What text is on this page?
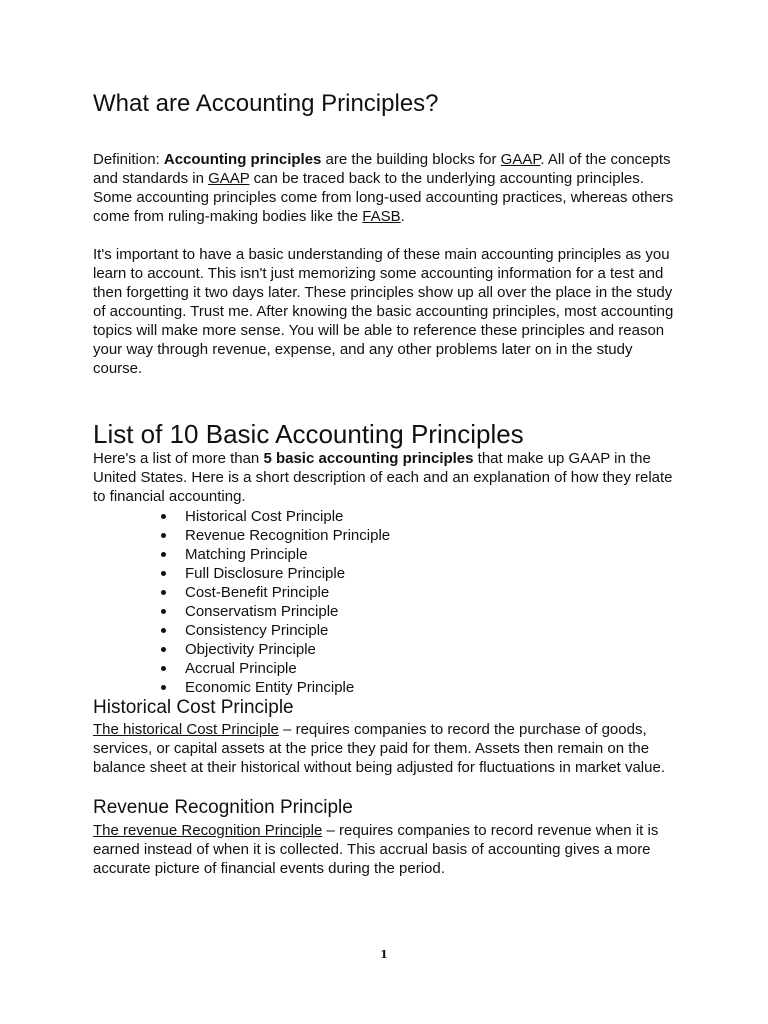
What are Accounting Principles?

Definition: Accounting principles are the building blocks for GAAP. All of the concepts and standards in GAAP can be traced back to the underlying accounting principles. Some accounting principles come from long-used accounting practices, whereas others come from ruling-making bodies like the FASB.

It's important to have a basic understanding of these main accounting principles as you learn to account. This isn't just memorizing some accounting information for a test and then forgetting it two days later. These principles show up all over the place in the study of accounting. Trust me. After knowing the basic accounting principles, most accounting topics will make more sense. You will be able to reference these principles and reason your way through revenue, expense, and any other problems later on in the study course.

List of 10 Basic Accounting Principles

Here's a list of more than 5 basic accounting principles that make up GAAP in the United States. Here is a short description of each and an explanation of how they relate to financial accounting.

Historical Cost Principle
Revenue Recognition Principle
Matching Principle
Full Disclosure Principle
Cost-Benefit Principle
Conservatism Principle
Consistency Principle
Objectivity Principle
Accrual Principle
Economic Entity Principle
Historical Cost Principle

The historical Cost Principle – requires companies to record the purchase of goods, services, or capital assets at the price they paid for them. Assets then remain on the balance sheet at their historical without being adjusted for fluctuations in market value.

Revenue Recognition Principle

The revenue Recognition Principle – requires companies to record revenue when it is earned instead of when it is collected. This accrual basis of accounting gives a more accurate picture of financial events during the period.

1
